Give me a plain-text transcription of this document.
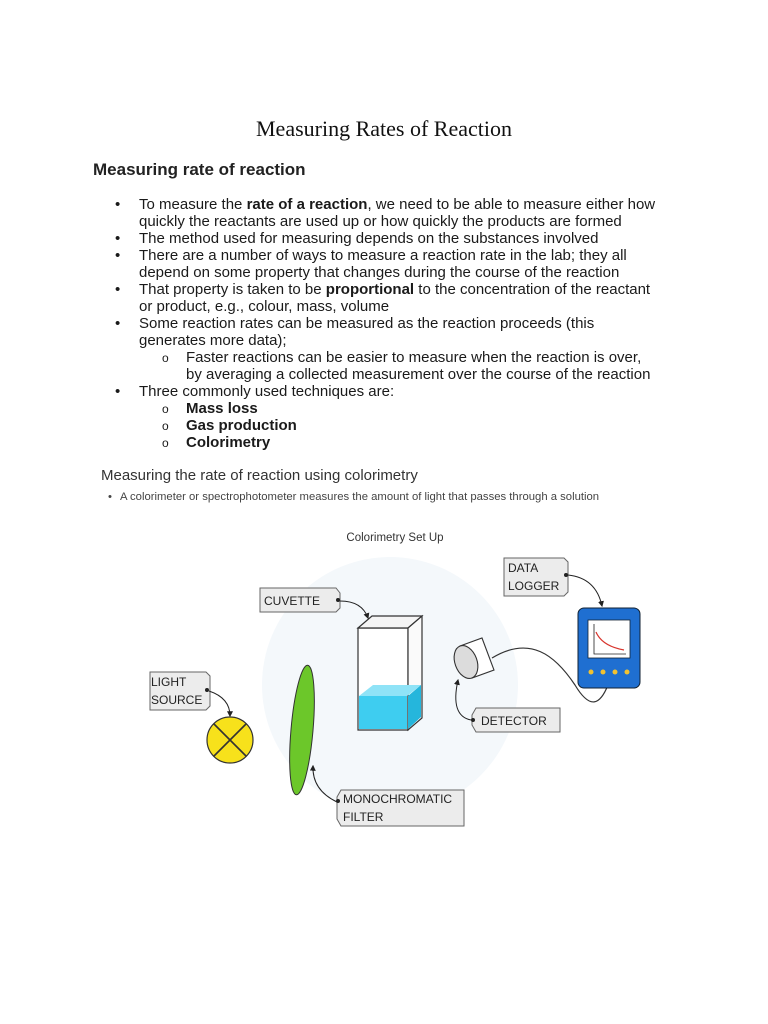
Measuring Rates of Reaction
Measuring rate of reaction
• To measure the rate of a reaction, we need to be able to measure either how
quickly the reactants are used up or how quickly the products are formed
• The method used for measuring depends on the substances involved
• There are a number of ways to measure a reaction rate in the lab; they all
depend on some property that changes during the course of the reaction
• That property is taken to be proportional to the concentration of the reactant
or product, e.g., colour, mass, volume
• Some reaction rates can be measured as the reaction proceeds (this
generates more data);
o Faster reactions can be easier to measure when the reaction is over,
by averaging a collected measurement over the course of the reaction
• Three commonly used techniques are:
o Mass loss
o Gas production
o Colorimetry
Measuring the rate of reaction using colorimetry
• A colorimeter or spectrophotometer measures the amount of light that passes through a solution
Colorimetry Set Up
LIGHT
SOURCE
MONOCHROMATIC
FILTER
CUVETTE
DETECTOR
DATA
LOGGER
